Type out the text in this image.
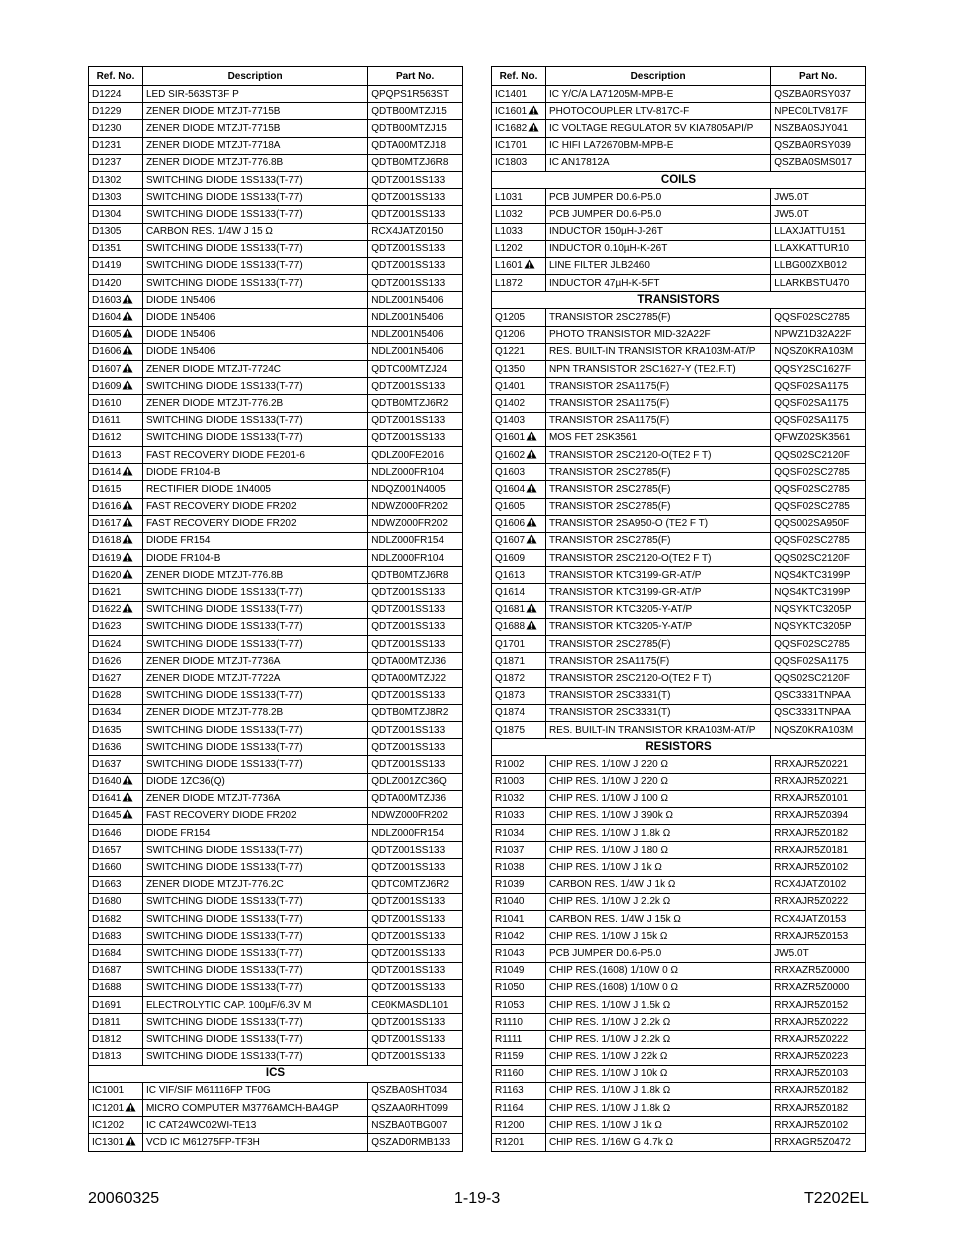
Ref. No.	Description	Part No.
D1224	LED SIR-563ST3F P	QPQPS1R563ST
D1229	ZENER DIODE MTZJT-7715B	QDTB00MTZJ15
D1230	ZENER DIODE MTZJT-7715B	QDTB00MTZJ15
D1231	ZENER DIODE MTZJT-7718A	QDTA00MTZJ18
D1237	ZENER DIODE MTZJT-776.8B	QDTB0MTZJ6R8
D1302	SWITCHING DIODE 1SS133(T-77)	QDTZ001SS133
D1303	SWITCHING DIODE 1SS133(T-77)	QDTZ001SS133
D1304	SWITCHING DIODE 1SS133(T-77)	QDTZ001SS133
D1305	CARBON RES. 1/4W J 15 Ω	RCX4JATZ0150
D1351	SWITCHING DIODE 1SS133(T-77)	QDTZ001SS133
D1419	SWITCHING DIODE 1SS133(T-77)	QDTZ001SS133
D1420	SWITCHING DIODE 1SS133(T-77)	QDTZ001SS133
D1603	DIODE 1N5406	NDLZ001N5406
D1604	DIODE 1N5406	NDLZ001N5406
D1605	DIODE 1N5406	NDLZ001N5406
D1606	DIODE 1N5406	NDLZ001N5406
D1607	ZENER DIODE MTZJT-7724C	QDTC00MTZJ24
D1609	SWITCHING DIODE 1SS133(T-77)	QDTZ001SS133
D1610	ZENER DIODE MTZJT-776.2B	QDTB0MTZJ6R2
D1611	SWITCHING DIODE 1SS133(T-77)	QDTZ001SS133
D1612	SWITCHING DIODE 1SS133(T-77)	QDTZ001SS133
D1613	FAST RECOVERY DIODE FE201-6	QDLZ00FE2016
D1614	DIODE FR104-B	NDLZ000FR104
D1615	RECTIFIER DIODE 1N4005	NDQZ001N4005
D1616	FAST RECOVERY DIODE FR202	NDWZ000FR202
D1617	FAST RECOVERY DIODE FR202	NDWZ000FR202
D1618	DIODE FR154	NDLZ000FR154
D1619	DIODE FR104-B	NDLZ000FR104
D1620	ZENER DIODE MTZJT-776.8B	QDTB0MTZJ6R8
D1621	SWITCHING DIODE 1SS133(T-77)	QDTZ001SS133
D1622	SWITCHING DIODE 1SS133(T-77)	QDTZ001SS133
D1623	SWITCHING DIODE 1SS133(T-77)	QDTZ001SS133
D1624	SWITCHING DIODE 1SS133(T-77)	QDTZ001SS133
D1626	ZENER DIODE MTZJT-7736A	QDTA00MTZJ36
D1627	ZENER DIODE MTZJT-7722A	QDTA00MTZJ22
D1628	SWITCHING DIODE 1SS133(T-77)	QDTZ001SS133
D1634	ZENER DIODE MTZJT-778.2B	QDTB0MTZJ8R2
D1635	SWITCHING DIODE 1SS133(T-77)	QDTZ001SS133
D1636	SWITCHING DIODE 1SS133(T-77)	QDTZ001SS133
D1637	SWITCHING DIODE 1SS133(T-77)	QDTZ001SS133
D1640	DIODE 1ZC36(Q)	QDLZ001ZC36Q
D1641	ZENER DIODE MTZJT-7736A	QDTA00MTZJ36
D1645	FAST RECOVERY DIODE FR202	NDWZ000FR202
D1646	DIODE FR154	NDLZ000FR154
D1657	SWITCHING DIODE 1SS133(T-77)	QDTZ001SS133
D1660	SWITCHING DIODE 1SS133(T-77)	QDTZ001SS133
D1663	ZENER DIODE MTZJT-776.2C	QDTC0MTZJ6R2
D1680	SWITCHING DIODE 1SS133(T-77)	QDTZ001SS133
D1682	SWITCHING DIODE 1SS133(T-77)	QDTZ001SS133
D1683	SWITCHING DIODE 1SS133(T-77)	QDTZ001SS133
D1684	SWITCHING DIODE 1SS133(T-77)	QDTZ001SS133
D1687	SWITCHING DIODE 1SS133(T-77)	QDTZ001SS133
D1688	SWITCHING DIODE 1SS133(T-77)	QDTZ001SS133
D1691	ELECTROLYTIC CAP. 100µF/6.3V M	CE0KMASDL101
D1811	SWITCHING DIODE 1SS133(T-77)	QDTZ001SS133
D1812	SWITCHING DIODE 1SS133(T-77)	QDTZ001SS133
D1813	SWITCHING DIODE 1SS133(T-77)	QDTZ001SS133
ICS		
IC1001	IC VIF/SIF M61116FP TF0G	QSZBA0SHT034
IC1201	MICRO COMPUTER M3776AMCH-BA4GP	QSZAA0RHT099
IC1202	IC CAT24WC02WI-TE13	NSZBA0TBG007
IC1301	VCD IC M61275FP-TF3H	QSZAD0RMB133
Ref. No.	Description	Part No.
IC1401	IC Y/C/A LA71205M-MPB-E	QSZBA0RSY037
IC1601	PHOTOCOUPLER LTV-817C-F	NPEC0LTV817F
IC1682	IC VOLTAGE REGULATOR 5V KIA7805API/P	NSZBA0SJY041
IC1701	IC HIFI LA72670BM-MPB-E	QSZBA0RSY039
IC1803	IC AN17812A	QSZBA0SMS017
COILS		
L1031	PCB JUMPER D0.6-P5.0	JW5.0T
L1032	PCB JUMPER D0.6-P5.0	JW5.0T
L1033	INDUCTOR 150µH-J-26T	LLAXJATTU151
L1202	INDUCTOR 0.10µH-K-26T	LLAXKATTUR10
L1601	LINE FILTER JLB2460	LLBG00ZXB012
L1872	INDUCTOR 47µH-K-5FT	LLARKBSTU470
TRANSISTORS		
Q1205	TRANSISTOR 2SC2785(F)	QQSF02SC2785
Q1206	PHOTO TRANSISTOR MID-32A22F	NPWZ1D32A22F
Q1221	RES. BUILT-IN TRANSISTOR KRA103M-AT/P	NQSZ0KRA103M
Q1350	NPN TRANSISTOR 2SC1627-Y (TE2.F.T)	QQSY2SC1627F
Q1401	TRANSISTOR 2SA1175(F)	QQSF02SA1175
Q1402	TRANSISTOR 2SA1175(F)	QQSF02SA1175
Q1403	TRANSISTOR 2SA1175(F)	QQSF02SA1175
Q1601	MOS FET 2SK3561	QFWZ02SK3561
Q1602	TRANSISTOR 2SC2120-O(TE2 F T)	QQS02SC2120F
Q1603	TRANSISTOR 2SC2785(F)	QQSF02SC2785
Q1604	TRANSISTOR 2SC2785(F)	QQSF02SC2785
Q1605	TRANSISTOR 2SC2785(F)	QQSF02SC2785
Q1606	TRANSISTOR 2SA950-O (TE2 F T)	QQS002SA950F
Q1607	TRANSISTOR 2SC2785(F)	QQSF02SC2785
Q1609	TRANSISTOR 2SC2120-O(TE2 F T)	QQS02SC2120F
Q1613	TRANSISTOR KTC3199-GR-AT/P	NQS4KTC3199P
Q1614	TRANSISTOR KTC3199-GR-AT/P	NQS4KTC3199P
Q1681	TRANSISTOR KTC3205-Y-AT/P	NQSYKTC3205P
Q1688	TRANSISTOR KTC3205-Y-AT/P	NQSYKTC3205P
Q1701	TRANSISTOR 2SC2785(F)	QQSF02SC2785
Q1871	TRANSISTOR 2SA1175(F)	QQSF02SA1175
Q1872	TRANSISTOR 2SC2120-O(TE2 F T)	QQS02SC2120F
Q1873	TRANSISTOR 2SC3331(T)	QSC3331TNPAA
Q1874	TRANSISTOR 2SC3331(T)	QSC3331TNPAA
Q1875	RES. BUILT-IN TRANSISTOR KRA103M-AT/P	NQSZ0KRA103M
RESISTORS		
R1002	CHIP RES. 1/10W J 220 Ω	RRXAJR5Z0221
R1003	CHIP RES. 1/10W J 220 Ω	RRXAJR5Z0221
R1032	CHIP RES. 1/10W J 100 Ω	RRXAJR5Z0101
R1033	CHIP RES. 1/10W J 390k Ω	RRXAJR5Z0394
R1034	CHIP RES. 1/10W J 1.8k Ω	RRXAJR5Z0182
R1037	CHIP RES. 1/10W J 180 Ω	RRXAJR5Z0181
R1038	CHIP RES. 1/10W J 1k Ω	RRXAJR5Z0102
R1039	CARBON RES. 1/4W J 1k Ω	RCX4JATZ0102
R1040	CHIP RES. 1/10W J 2.2k Ω	RRXAJR5Z0222
R1041	CARBON RES. 1/4W J 15k Ω	RCX4JATZ0153
R1042	CHIP RES. 1/10W J 15k Ω	RRXAJR5Z0153
R1043	PCB JUMPER D0.6-P5.0	JW5.0T
R1049	CHIP RES.(1608) 1/10W 0 Ω	RRXAZR5Z0000
R1050	CHIP RES.(1608) 1/10W 0 Ω	RRXAZR5Z0000
R1053	CHIP RES. 1/10W J 1.5k Ω	RRXAJR5Z0152
R1110	CHIP RES. 1/10W J 2.2k Ω	RRXAJR5Z0222
R1111	CHIP RES. 1/10W J 2.2k Ω	RRXAJR5Z0222
R1159	CHIP RES. 1/10W J 22k Ω	RRXAJR5Z0223
R1160	CHIP RES. 1/10W J 10k Ω	RRXAJR5Z0103
R1163	CHIP RES. 1/10W J 1.8k Ω	RRXAJR5Z0182
R1164	CHIP RES. 1/10W J 1.8k Ω	RRXAJR5Z0182
R1200	CHIP RES. 1/10W J 1k Ω	RRXAJR5Z0102
R1201	CHIP RES. 1/16W G 4.7k Ω	RRXAGR5Z0472
20060325	1-19-3	T2202EL
